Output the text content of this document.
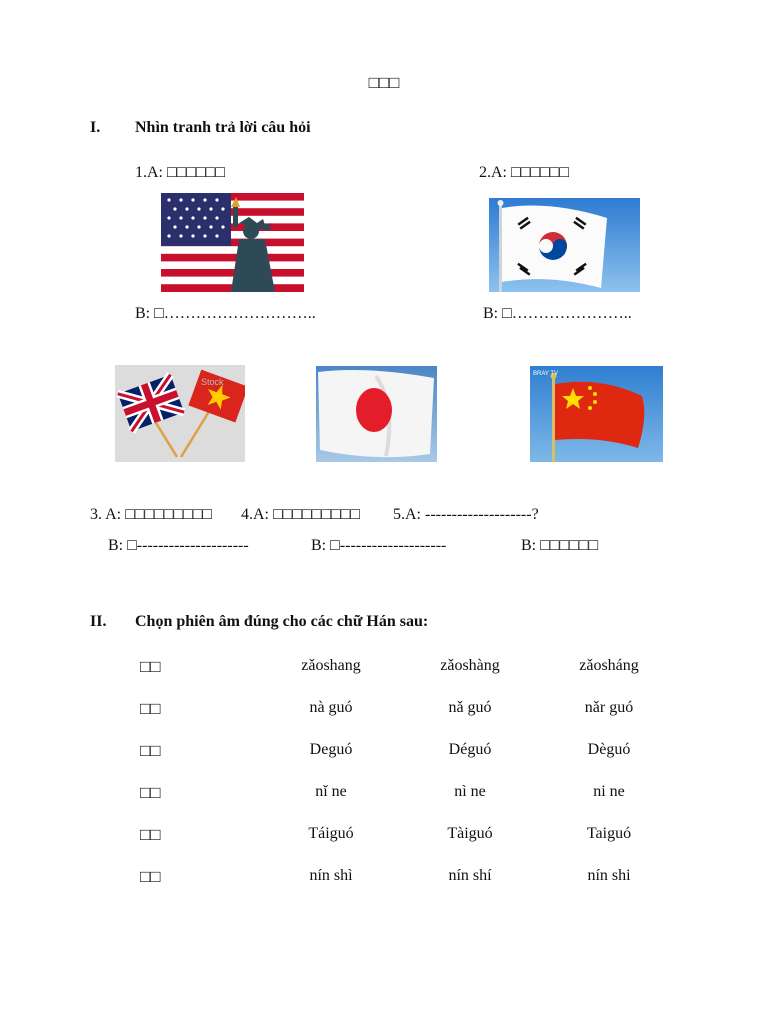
□□□
I. Nhìn tranh trả lời câu hỏi
1.A: □□□□□□	2.A: □□□□□□
B: □………………………..	B: □…………………..
Stock
BRAY TV
3. A: □□□□□□□□□ 4.A: □□□□□□□□□ 5.A: --------------------?
B: □---------------------	B: □--------------------	B: □□□□□□
II. Chọn phiên âm đúng cho các chữ Hán sau:
□□	zǎoshang	zǎoshàng	zǎosháng
□□	nà guó	nǎ guó	nǎr guó
□□	Deguó	Déguó	Dèguó
□□	nǐ ne	nì ne	ni ne
□□	Táiguó	Tàiguó	Taiguó
□□	nín shì	nín shí	nín shi
